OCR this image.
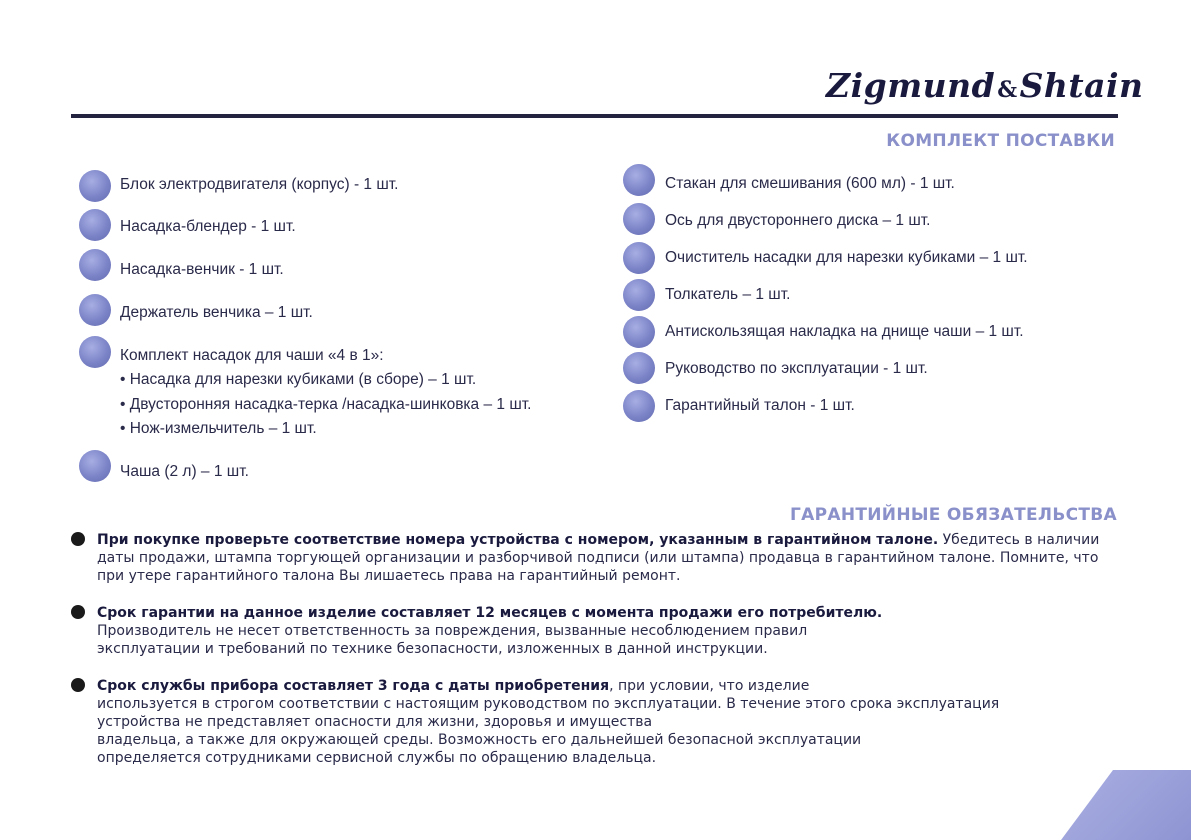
Zigmund&Shtain
КОМПЛЕКТ ПОСТАВКИ
Блок электродвигателя (корпус) - 1 шт.
Насадка-блендер - 1 шт.
Насадка-венчик - 1 шт.
Держатель венчика – 1 шт.
Комплект насадок для чаши «4 в 1»:
• Насадка для нарезки кубиками (в сборе) – 1 шт.
• Двусторонняя насадка-терка /насадка-шинковка – 1 шт.
• Нож-измельчитель – 1 шт.
Чаша (2 л) – 1 шт.
Стакан для смешивания (600 мл) - 1 шт.
Ось для двустороннего диска – 1 шт.
Очиститель насадки для нарезки кубиками – 1 шт.
Толкатель – 1 шт.
Антискользящая накладка на днище чаши – 1 шт.
Руководство по эксплуатации - 1 шт.
Гарантийный талон - 1 шт.
ГАРАНТИЙНЫЕ ОБЯЗАТЕЛЬСТВА
При покупке проверьте соответствие номера устройства с номером, указанным в гарантийном талоне. Убедитесь в наличии даты продажи, штампа торгующей организации и разборчивой подписи (или штампа) продавца в гарантийном талоне. Помните, что при утере гарантийного талона Вы лишаетесь права на гарантийный ремонт.
Срок гарантии на данное изделие составляет 12 месяцев с момента продажи его потребителю.
Производитель не несет ответственность за повреждения, вызванные несоблюдением правил
эксплуатации и требований по технике безопасности, изложенных в данной инструкции.
Срок службы прибора составляет 3 года с даты приобретения, при условии, что изделие
используется в строгом соответствии с настоящим руководством по эксплуатации. В течение этого срока эксплуатация
устройства не представляет опасности для жизни, здоровья и имущества
владельца, а также для окружающей среды. Возможность его дальнейшей безопасной эксплуатации
определяется сотрудниками сервисной службы по обращению владельца.
